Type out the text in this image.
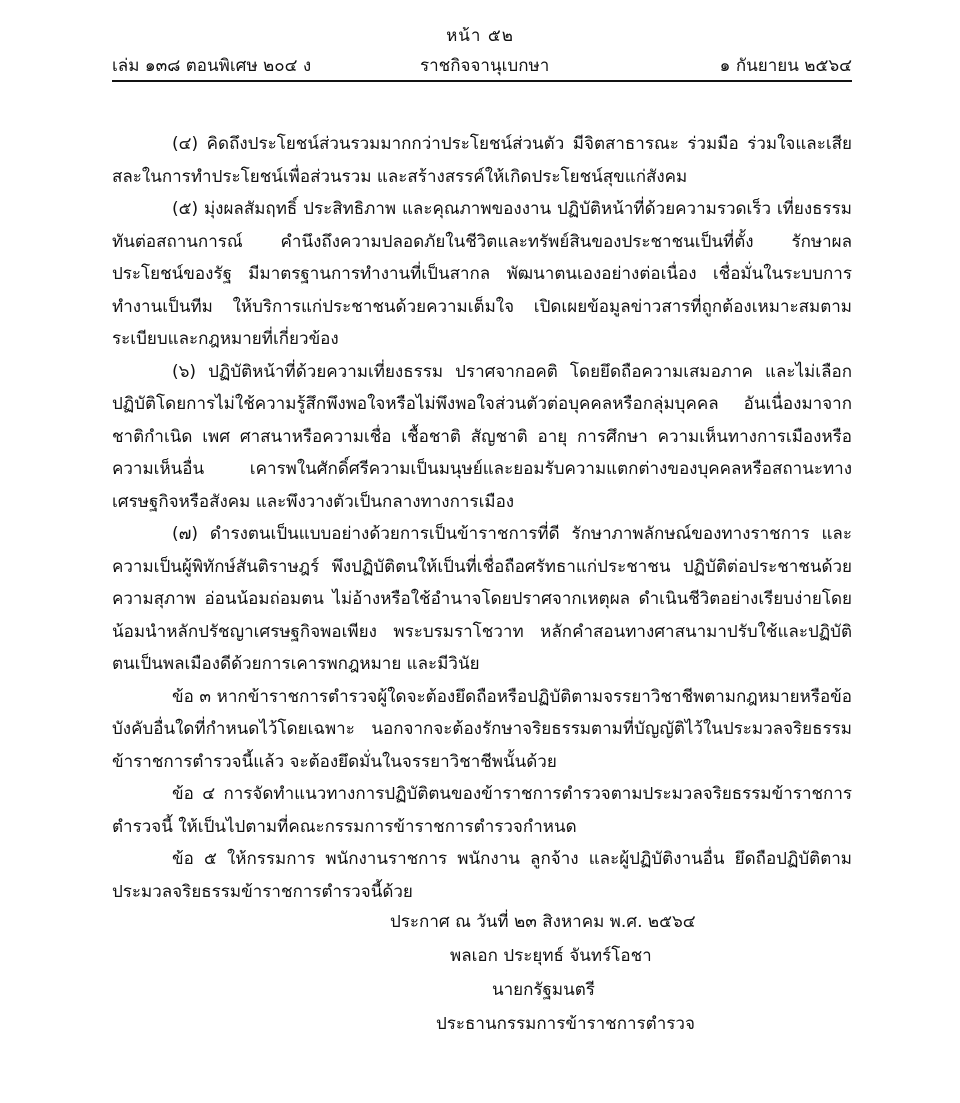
หน้า ๕๒
เล่ม ๑๓๘ ตอนพิเศษ ๒๐๔ ง	ราชกิจจานุเบกษา	๑ กันยายน ๒๕๖๔

(๔) คิดถึงประโยชน์ส่วนรวมมากกว่าประโยชน์ส่วนตัว มีจิตสาธารณะ ร่วมมือ ร่วมใจและเสียสละในการทำประโยชน์เพื่อส่วนรวม และสร้างสรรค์ให้เกิดประโยชน์สุขแก่สังคม

(๕) มุ่งผลสัมฤทธิ์ ประสิทธิภาพ และคุณภาพของงาน ปฏิบัติหน้าที่ด้วยความรวดเร็ว เที่ยงธรรม ทันต่อสถานการณ์ คำนึงถึงความปลอดภัยในชีวิตและทรัพย์สินของประชาชนเป็นที่ตั้ง รักษาผลประโยชน์ของรัฐ มีมาตรฐานการทำงานที่เป็นสากล พัฒนาตนเองอย่างต่อเนื่อง เชื่อมั่นในระบบการทำงานเป็นทีม ให้บริการแก่ประชาชนด้วยความเต็มใจ เปิดเผยข้อมูลข่าวสารที่ถูกต้องเหมาะสมตามระเบียบและกฎหมายที่เกี่ยวข้อง

(๖) ปฏิบัติหน้าที่ด้วยความเที่ยงธรรม ปราศจากอคติ โดยยึดถือความเสมอภาค และไม่เลือกปฏิบัติโดยการไม่ใช้ความรู้สึกพึงพอใจหรือไม่พึงพอใจส่วนตัวต่อบุคคลหรือกลุ่มบุคคล อันเนื่องมาจากชาติกำเนิด เพศ ศาสนาหรือความเชื่อ เชื้อชาติ สัญชาติ อายุ การศึกษา ความเห็นทางการเมืองหรือความเห็นอื่น เคารพในศักดิ์ศรีความเป็นมนุษย์และยอมรับความแตกต่างของบุคคลหรือสถานะทางเศรษฐกิจหรือสังคม และพึงวางตัวเป็นกลางทางการเมือง

(๗) ดำรงตนเป็นแบบอย่างด้วยการเป็นข้าราชการที่ดี รักษาภาพลักษณ์ของทางราชการ และความเป็นผู้พิทักษ์สันติราษฎร์ พึงปฏิบัติตนให้เป็นที่เชื่อถือศรัทธาแก่ประชาชน ปฏิบัติต่อประชาชนด้วยความสุภาพ อ่อนน้อมถ่อมตน ไม่อ้างหรือใช้อำนาจโดยปราศจากเหตุผล ดำเนินชีวิตอย่างเรียบง่ายโดยน้อมนำหลักปรัชญาเศรษฐกิจพอเพียง พระบรมราโชวาท หลักคำสอนทางศาสนามาปรับใช้และปฏิบัติตนเป็นพลเมืองดีด้วยการเคารพกฎหมาย และมีวินัย

ข้อ ๓ หากข้าราชการตำรวจผู้ใดจะต้องยึดถือหรือปฏิบัติตามจรรยาวิชาชีพตามกฎหมายหรือข้อบังคับอื่นใดที่กำหนดไว้โดยเฉพาะ นอกจากจะต้องรักษาจริยธรรมตามที่บัญญัติไว้ในประมวลจริยธรรมข้าราชการตำรวจนี้แล้ว จะต้องยึดมั่นในจรรยาวิชาชีพนั้นด้วย

ข้อ ๔ การจัดทำแนวทางการปฏิบัติตนของข้าราชการตำรวจตามประมวลจริยธรรมข้าราชการตำรวจนี้ ให้เป็นไปตามที่คณะกรรมการข้าราชการตำรวจกำหนด

ข้อ ๕ ให้กรรมการ พนักงานราชการ พนักงาน ลูกจ้าง และผู้ปฏิบัติงานอื่น ยึดถือปฏิบัติตามประมวลจริยธรรมข้าราชการตำรวจนี้ด้วย

ประกาศ ณ วันที่ ๒๓ สิงหาคม พ.ศ. ๒๕๖๔
พลเอก ประยุทธ์ จันทร์โอชา
นายกรัฐมนตรี
ประธานกรรมการข้าราชการตำรวจ
